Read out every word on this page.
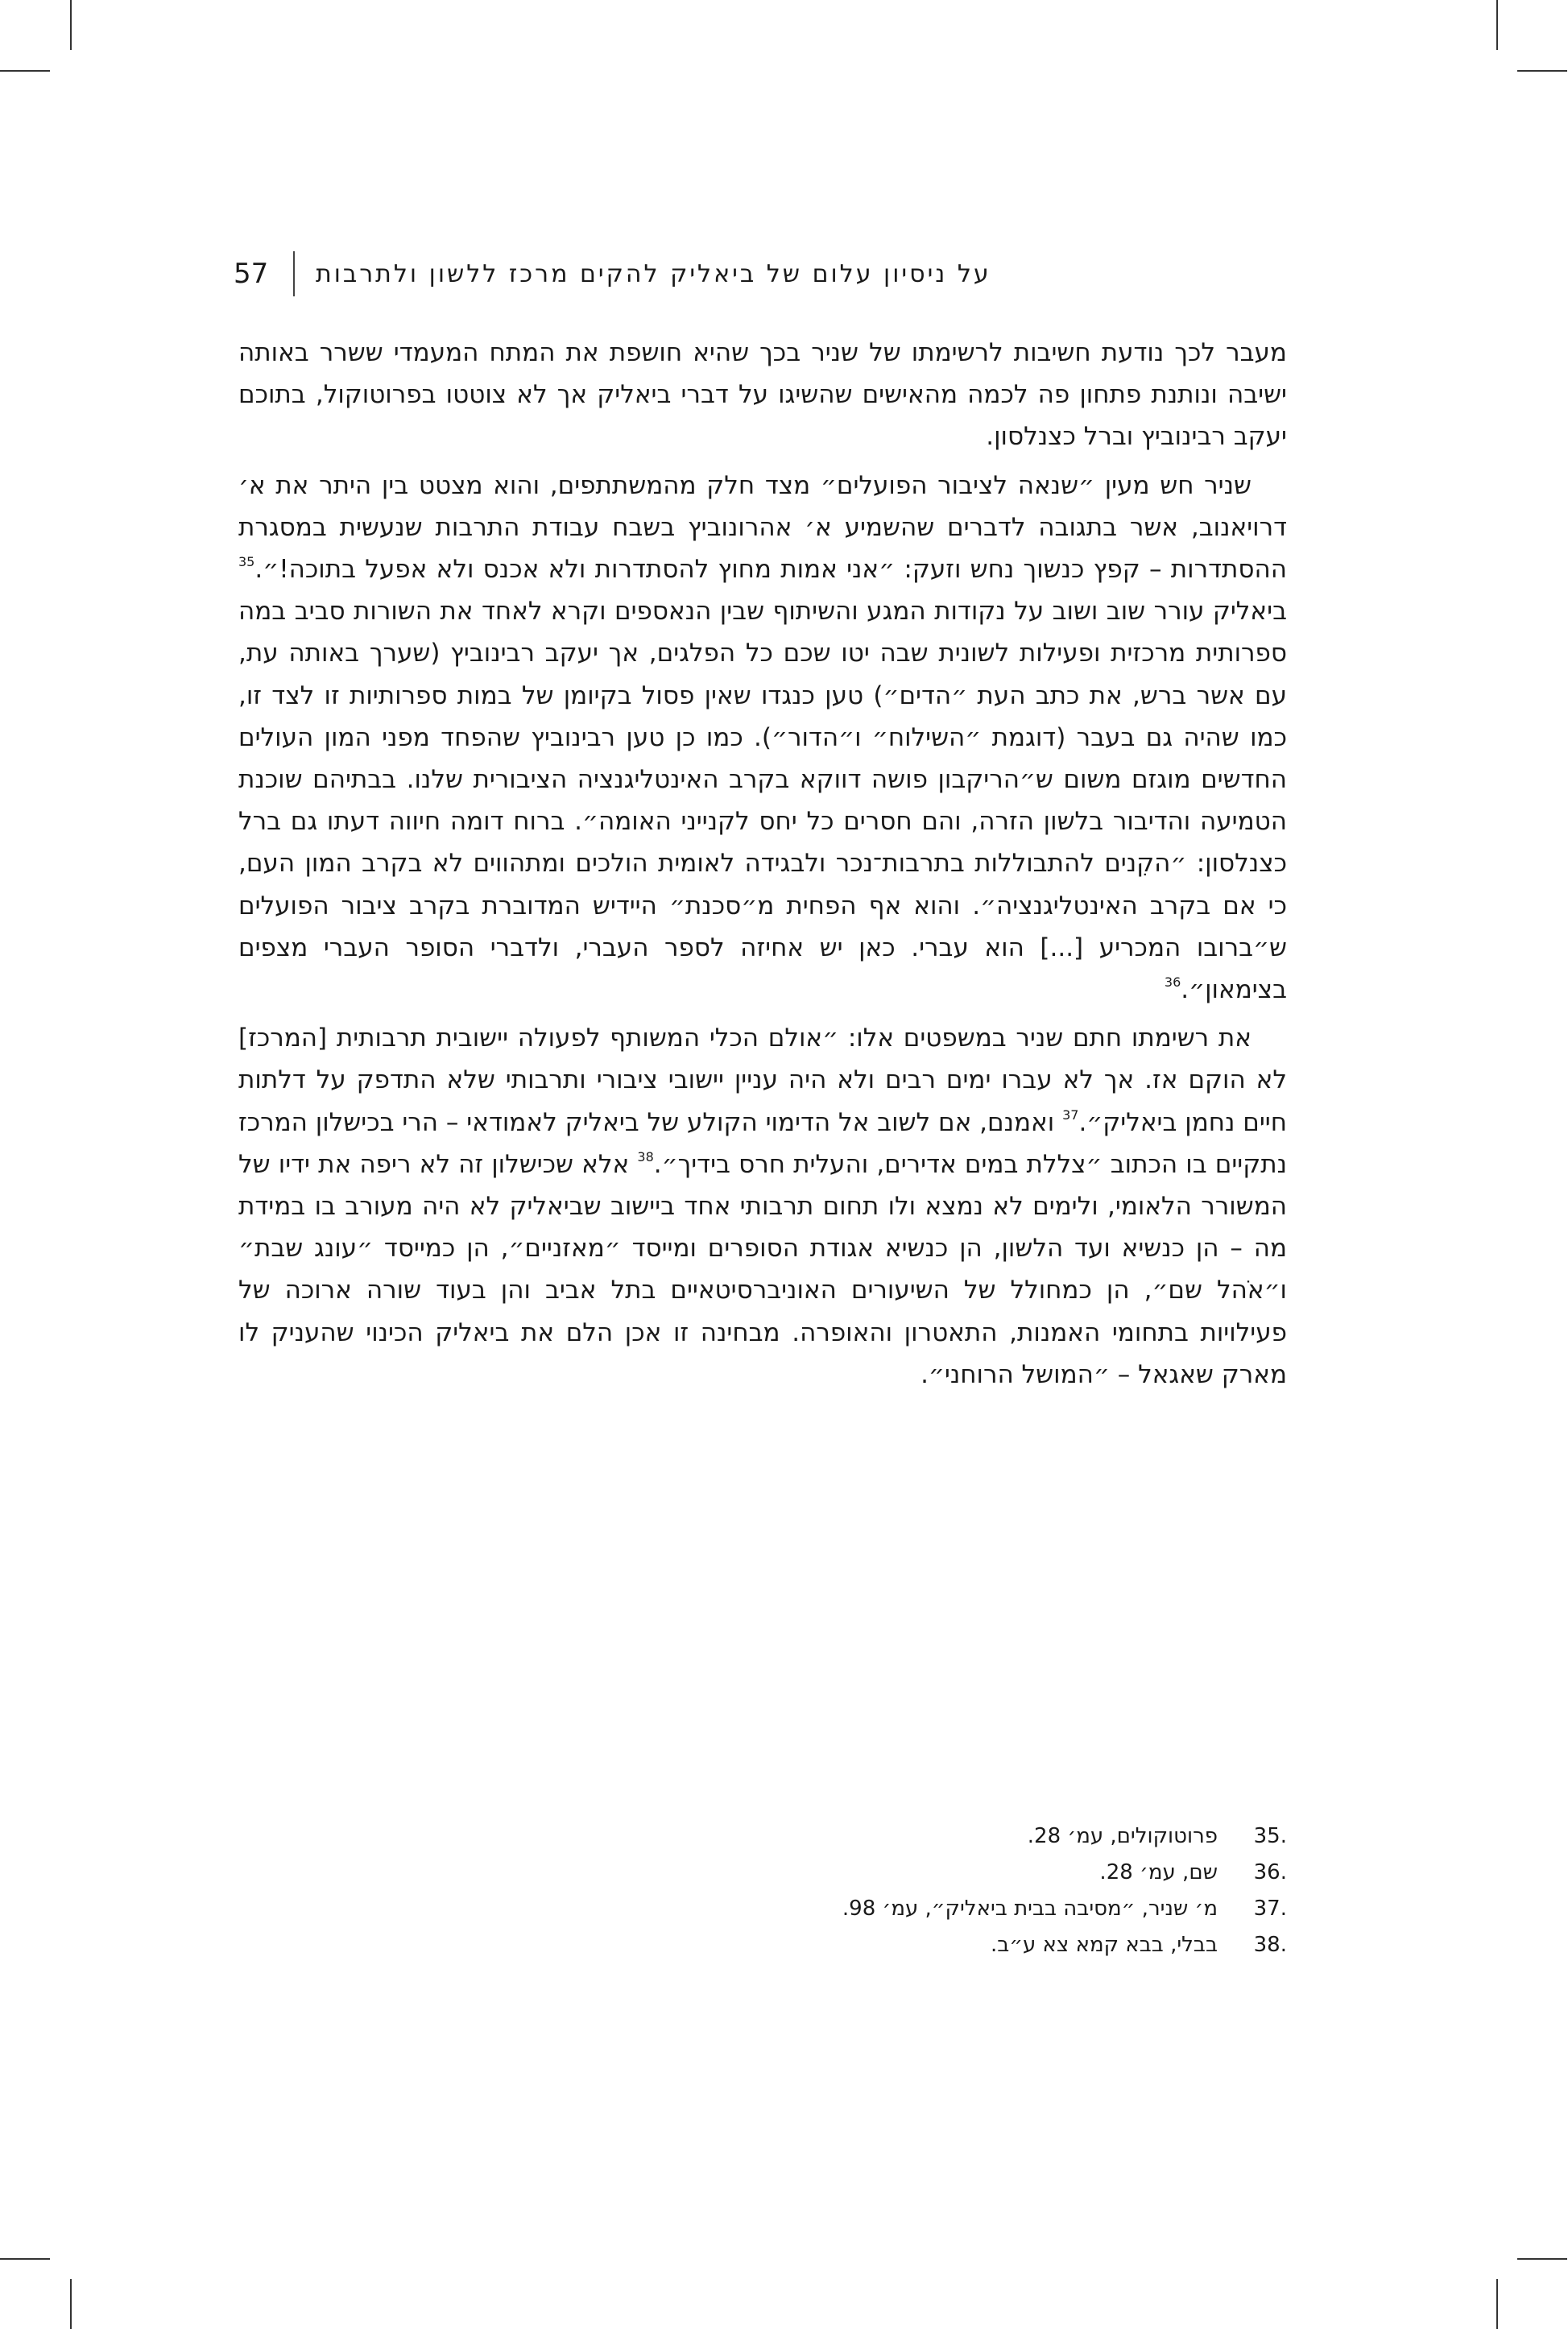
57	על ניסיון עלום של ביאליק להקים מרכז ללשון ולתרבות

מעבר לכך נודעת חשיבות לרשימתו של שניר בכך שהיא חושפת את המתח המעמדי ששרר באותה ישיבה ונותנת פתחון פה לכמה מהאישים שהשיגו על דברי ביאליק אך לא צוטטו בפרוטוקול, בתוכם יעקב רבינוביץ וברל כצנלסון.

שניר חש מעין ״שנאה לציבור הפועלים״ מצד חלק מהמשתתפים, והוא מצטט בין היתר את א׳ דרויאנוב, אשר בתגובה לדברים שהשמיע א׳ אהרונוביץ בשבח עבודת התרבות שנעשית במסגרת ההסתדרות – קפץ כנשוך נחש וזעק: ״אני אמות מחוץ להסתדרות ולא אכנס ולא אפעל בתוכה!״.$^{35}$ ביאליק עורר שוב ושוב על נקודות המגע והשיתוף שבין הנאספים וקרא לאחד את השורות סביב במה ספרותית מרכזית ופעילות לשונית שבה יטו שכם כל הפלגים, אך יעקב רבינוביץ (שערך באותה עת, עם אשר ברש, את כתב העת ״הדים״) טען כנגדו שאין פסול בקיומן של במות ספרותיות זו לצד זו, כמו שהיה גם בעבר (דוגמת ״השילוח״ ו״הדור״). כמו כן טען רבינוביץ שהפחד מפני המון העולים החדשים מוגזם משום ש״הריקבון פושה דווקא בקרב האינטליגנציה הציבורית שלנו. בבתיהם שוכנת הטמיעה והדיבור בלשון הזרה, והם חסרים כל יחס לקנייני האומה״. ברוח דומה חיווה דעתו גם ברל כצנלסון: ״הקִנים להתבוללות בתרבות־נכר ולבגידה לאומית הולכים ומתהווים לא בקרב המון העם, כי אם בקרב האינטליגנציה״. והוא אף הפחית מ״סכנת״ היידיש המדוברת בקרב ציבור הפועלים ש״ברובו המכריע [...] הוא עברי. כאן יש אחיזה לספר העברי, ולדברי הסופר העברי מצפים בצימאון״.$^{36}$

את רשימתו חתם שניר במשפטים אלו: ״אולם הכלי המשותף לפעולה יישובית תרבותית [המרכז] לא הוקם אז. אך לא עברו ימים רבים ולא היה עניין יישובי ציבורי ותרבותי שלא התדפק על דלתות חיים נחמן ביאליק״.$^{37}$ ואמנם, אם לשוב אל הדימוי הקולע של ביאליק לאמודאי – הרי בכישלון המרכז נתקיים בו הכתוב ״צללת במים אדירים, והעלית חרס בידיך״.$^{38}$ אלא שכישלון זה לא ריפה את ידיו של המשורר הלאומי, ולימים לא נמצא ולו תחום תרבותי אחד ביישוב שביאליק לא היה מעורב בו במידת מה – הן כנשיא ועד הלשון, הן כנשיא אגודת הסופרים ומייסד ״מאזניים״, הן כמייסד ״עונג שבת״ ו״אֹהל שם״, הן כמחולל של השיעורים האוניברסיטאיים בתל אביב והן בעוד שורה ארוכה של פעילויות בתחומי האמנות, התאטרון והאופרה. מבחינה זו אכן הלם את ביאליק הכינוי שהעניק לו מארק שאגאל – ״המושל הרוחני״.

35.
פרוטוקולים, עמ׳ 28.
36.
שם, עמ׳ 28.
37.
מ׳ שניר, ״מסיבה בבית ביאליק״, עמ׳ 98.
38.
בבלי, בבא קמא צא ע״ב.
